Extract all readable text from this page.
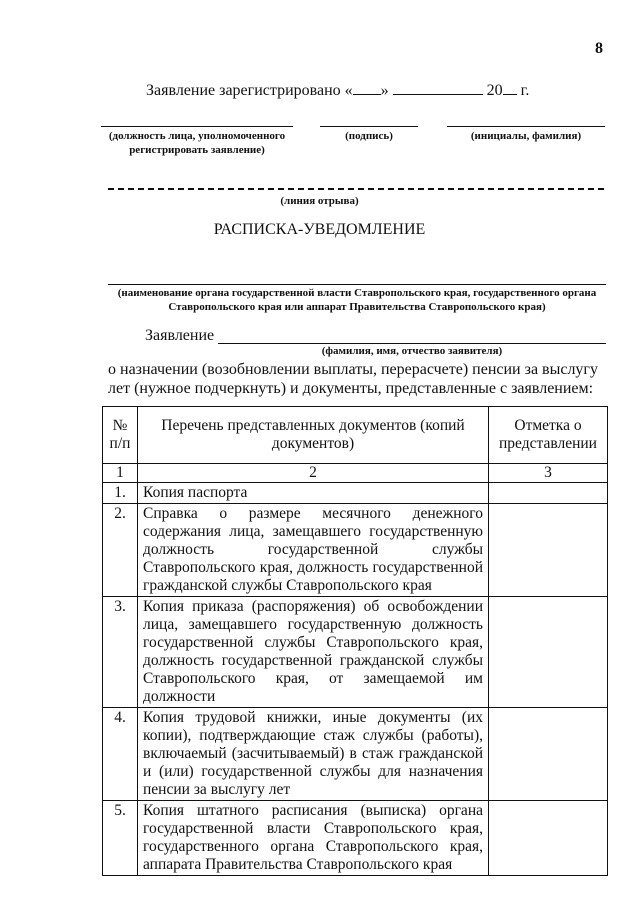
8
Заявление зарегистрировано « »	20 г.
(должность лица, уполномоченного регистрировать заявление)
(подпись)	(инициалы, фамилия)
(линия отрыва)
РАСПИСКА-УВЕДОМЛЕНИЕ
(наименование органа государственной власти Ставропольского края, государственного органа Ставропольского края или аппарат Правительства Ставропольского края)
Заявление
(фамилия, имя, отчество заявителя)
о назначении (возобновлении выплаты, перерасчете) пенсии за выслугу лет (нужное подчеркнуть) и документы, представленные с заявлением:
№ п/п	Перечень представленных документов (копий документов)	Отметка о представлении
1	2	3
1.	Копия паспорта	
2.	Справка о размере месячного денежного содержания лица, замещавшего государственную должность государственной службы Ставропольского края, должность государственной гражданской службы Ставропольского края	
3.	Копия приказа (распоряжения) об освобождении лица, замещавшего государственную должность государственной службы Ставропольского края, должность государственной гражданской службы Ставропольского края, от замещаемой им должности	
4.	Копия трудовой книжки, иные документы (их копии), подтверждающие стаж службы (работы), включаемый (засчитываемый) в стаж гражданской и (или) государственной службы для назначения пенсии за выслугу лет	
5.	Копия штатного расписания (выписка) органа государственной власти Ставропольского края, государственного органа Ставропольского края, аппарата Правительства Ставропольского края	
